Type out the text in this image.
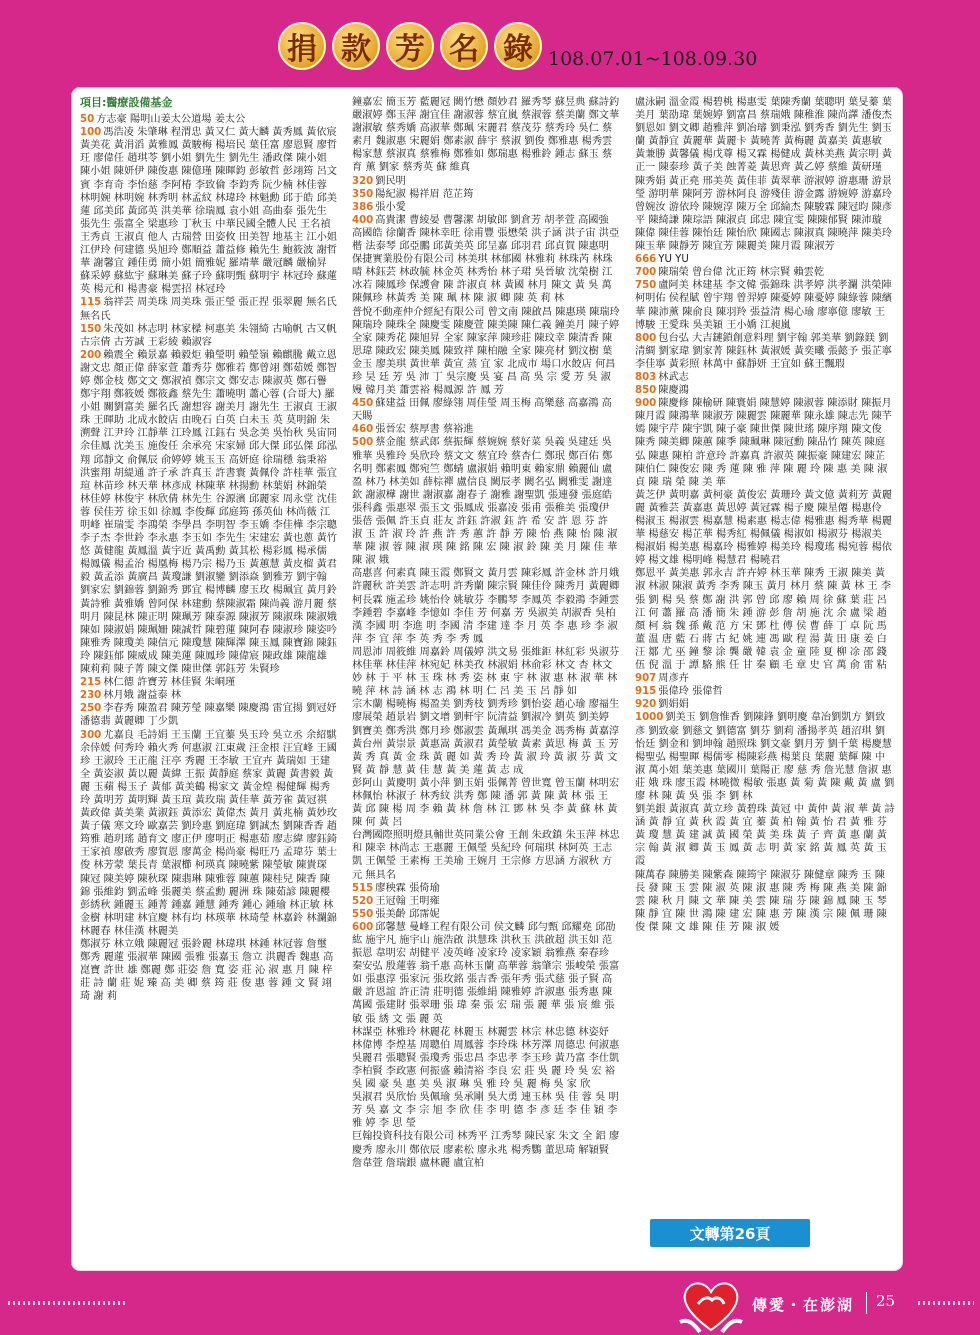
捐 款 芳 名 錄 108.07.01~108.09.30
項目:醫療設備基金
50 方志豪 陽明山姜太公道場 姜太公
100 馮浩凌 朱肇琳 程渭忠 黃又仁 黃大麟 黃秀鳳 黃依宸 黃美花 黃涓滔 黃雅鳳 黃駿梅 楊培民 葉任富 廖恩賢 廖哲玨 廖偉任 趙琪苓 劉小姐 劉先生 劉先生 潘政傑 陳小姐 陳小姐 陳妍伊 陳俊惠 陳億瑾 陳暉鈞 彭敏哲 彭翊筠 呂文賓 李育奇 李怡慈 李阿椿 李致倫 李鈞秀 阮少楠 林佳蓉 林明婉 林明婉 林秀明 林孟紋 林瑋玲 林魁勳 邱于皓 邱美蓮 邱美邱 黃邱英 洪美華 徐瑞鳳 袁小姐 高曲泰 張先生 張先生 張富全 梁惠珍 丁秋玉 中華民國全體人民 王名禎 王秀貞 王淑貞 他人 古瑞營 田姿攸 田美智 地基主 江小姐 江伊玲 何建德 吳旭玲 鄭順益 蕭益修 賴先生 鮑筱波 謝哲華 謝馨宜 鍾佳勇 簡小姐 簡雅妮 羅靖華 嚴冠麟 嚴榆昇 蘇采婷 蘇紘宇 蘇琳美 蘇子玲 蘇明甄 蘇明宇 林冠玲 蘇蓮英 楊元和 楊書豪 楊雲招 林冠玲
115 翁祥芸 周美珠 周美珠 張正瑩 張正捏 張翠麗 無名氏 無名氏
150 朱茂如 林志明 林家樑 柯惠美 朱翎綺 古喻帆 古又帆 古宗倩 古芳誠 王彩綾 賴淑容
200 賴震全 賴景嘉 賴毅炬 賴瑩明 賴瑩嶺 賴麒騰 戴立恩 謝文忠 顏正偉 薛家萱 蕭秀芬 鄭雅若 鄭曾翊 鄭茹媛 鄭智婷 鄭金枝 鄭文文 鄭淑禎 鄭宗文 鄭安志 陳淑英 鄭石譽 鄭宇翔 鄭筱媛 鄭筱鑫 蔡先生 蕭曉明 蕭心蓉 (合哥大) 羅小姐 關劉富美 羅名氏 謝想容 謝美月 謝先生 王淑貞 王淑珠 王暉助 北成水餃店 由晚石 白英 白未玉 英 莫明錦 朱溯聲 江尹玲 江靜華 江玲鳳 江鈺右 吳念美 吳怡秋 吳宙同 余佳鳳 沈美玉 施俊任 余承亮 宋家婦 邱大傑 邱弘傑 邱泓翔 邱靜文 俞佩辰 俞婷婷 姚玉玉 高妍庭 徐瑞穩 翁秉裕 洪蜜翔 胡緹通 許子承 許真玉 許書寰 黃佩伶 許桂華 張宜瑄 林苗珍 林天華 林彥成 林陳華 林揚勳 林葉娟 林錦榮 林佳婷 林俊宇 林欣倩 林先生 谷源濱 邱麗家 周永堂 沈佳蓉 侯佳芳 徐玉如 徐鳳 李俊輝 邱庭筠 孫英仙 林尚薇 江明峰 崔瑞雯 李鴻榮 李學昌 李明智 李玉嬌 李佳樺 李宗聰 李子杰 李世鈴 李永惠 李玉如 李先生 宋建宏 黃也蔥 黃竹悠 黃健龍 黃鳳溫 黃宇近 黃禹勳 黃其松 楊彩鳳 楊承儒 楊鳳儀 楊孟治 楊凰梅 楊乃宗 楊乃玉 黃蕙慧 黃皮榴 黃君毅 黃孟添 黃廣昌 黃瓊謙 劉淑鑾 劉添焱 劉雅芳 劉宇翰 劉家宏 劉錦蓉 劉錦秀 鄧宜 楊博麟 廖玉玫 楊珮宜 黃月鈴 黃詩雅 黃雅嬌 曾阿保 林建勳 蔡陳淑霜 陳尚義 游月麗 蔡明月 陳昆林 陳正明 陳珮芳 陳泰源 陳淑芳 陳淑珠 陳淑娥 陳如 陳淑娟 陳珮姍 陳誠哲 陳碧蓮 陳阿春 陳淑珍 陳姿吟 陳雅秀 陳瓊美 陳信元 陳瓊慧 陳輝澤 陳玉鳳 陳寶錦 陳鈺玲 陳鈺郁 陳威成 陳美蓮 陳鳳珍 陳偉宸 陳政雄 陳龍雄 陳莉莉 陳子菁 陳文傑 陳世傑 郭鈺芳 朱賢珍
215 林仁德 許寶芳 林佳賢 朱峒瑾
230 林月娥 謝益泰 林
250 李春秀 陳盈君 陳芳瑩 陳嘉樂 陳慶鴻 雷宜揚 劉冠妤 潘德翡 黃麗卿 丁少凱
300 尤嘉良 毛詩娟 王玉蘭 王宜蓁 吳玉玲 吳立丞 余紹騏 余倖媛 何秀玲 賴火秀 何惠淑 江東歲 汪金根 汪宜峰 王國珍 王淑玲 王正龍 汪亭 秀麗 王李敏 王宜卉 黃瑞如 王建全 黃姿淑 黃以麗 黃緯 王振 黃靜庭 蔡家 黃麗 黃書毅 黃麗 玉蘋 楊玉子 黃郁 黃美鶴 楊家文 黃金煌 楊健輝 楊秀玲 黃明芳 黃明輝 黃玉瑄 黃玫瑞 黃佳華 黃芳雀 黃冠祺 黃政偉 黃美業 黃淑鈺 黃添宏 黃偉杰 黃月 黃兆楠 黃妙玫 黃子儀 寒文玲 歐嘉芸 劉玲惠 劉庭瑋 劉誠杰 劉陳香香 趙筠雅 趙玥瑤 趙育文 廖正伊 廖明正 楊惠茹 廖志緯 廖鈺錡 王家禎 廖啟秀 廖賀恩 廖萬金 楊尚豪 楊旺乃 孟瑋芬 葉士俊 林芳蒙 葉長青 葉淑櫛 柯瑛真 陳曉紫 陳瑩敏 陳貴琛 陳冠 陳美婷 陳秋琛 陳翡琳 陳雅蓉 陳蕙 陳桂兒 陳香 陳錦 張維鈞 劉孟峰 張麗美 蔡孟勳 麗洲 珠 陳茹諺 陳麗櫻 彭綉秋 鍾麗玉 鍾菁 鍾嘉 鍾慧 鍾秀 鍾心 鍾瑜 林正敏 林金樹 林明建 林宜慶 林有均 林瑛華 林琦瑩 林嘉鈴 林瀾錦 林麗春 林佳漢 林麗美
鄭淑芬 林立娥 陳麗冠 張鈴麗 林瑋琪 林鍾 林冠蓉 詹璽 鄭秀 麗蓮 張淑華 陳國 張雅 張嘉玉 詹立 洪麗香 魏惠 高崑寶 許世 雄 鄭麗 鄭 莊姿 詹 寬 姿 莊 沁 淑 惠 月 陳 梓 莊 詩 蘭 莊 妮 臻 高 美 卿 蔡 筠 莊 俊 惠 蓉 鍾 文 賢 翊 琦 謝 莉
鐘嘉宏 簡玉芳 藍麗冠 闕竹懋 顏妙君 羅秀琴 蘇昱典 蘇詩釣 嚴淑婷 鄭玉萍 謝宜佳 謝淑蓉 蔡宜嵐 蔡淑蓉 蔡美蘭 鄭文華 謝淑敏 蔡秀嬌 高淑華 鄭珮 宋麗君 蔡茂芬 蔡秀玲 吳仁 蔡素月 魏淑惠 宋麗娟 鄭素淑 薛宇 蔡淑 劉俊 鄭雅惠 楊秀雲 楊家慧 蔡淑真 蔡雅梅 鄭雅如 鄭瑞惠 楊雅鈴 鍾志 蘇玉 蔡育 薰 劉家 蔡秀英 蘇 維真
320 劉民明
350 陽紀淑 楊祥眉 范芷筠
386 張小愛
400 高貴潔 曹綾晏 曹馨潔 胡敏郎 劉倉芳 胡孝萱 高國強 高國皓 徐蘭香 陳林幸旺 徐甫豐 張懋榮 洪子涵 洪子宙 洪亞楷 法泰琴 邱亞鵬 邱黃美英 邱呈嘉 邱羽君 邱貞賀 陳惠明 保捷實業股份有限公司 林美琪 林郁國 林雅莉 林珠芮 林珠晴 林鈺芸 林政毓 林金英 林秀怡 林子珺 吳晉敏 沈榮樹 江冰若 陳鳳珍 保護會 陳 許淑貞 林 黃國 林月 陳文 黃 吳 萬 陳佩珍 林黃秀 美 陳 珮 林 陳 淑 卿 陳 英 莉 林
普悅不動產仲介經紀有限公司 曾文南 陳啟昌 陳惠瑛 陳瑞玲 陳瑞玲 陳珠全 陳慶雯 陳慶萱 陳美陳 陳仁義 鐘美月 陳子婷 全家 陳秀花 陳旭昇 全家 陳家萍 陳珍莊 陳玟幸 陳清香 陳思瑋 陳政宏 陳美鳳 陳致祥 陳柏融 全家 陳亮材 劉汶樹 葉金玉 廖美琪 黃世華 黃宣 蒸 宜 家 北成市 場口水餃店 何昌 珍 昊 廷 芳 吳 沛 丁 吳宗慶 吳 宴 昌 高 吳 宗 愛 芳 吳 淑 嫚 韓月美 蕭雲裕 楊鳳源 許 鳳 芳
450 蘇建益 田佩 廖綠翎 周佳瑩 周玉梅 高樂慈 高嘉鴻 高天賜
460 張晉宏 蔡厚書 蔡裕進
500 蔡金龍 蔡武郎 蔡振輝 蔡婉婉 蔡好菜 吳義 吳建廷 吳雅華 吳雅玲 吳欣玲 蔡文文 蔡宜玲 蔡杏仁 鄭珉 鄭百佑 鄭名明 鄭素鳳 鄭宛竺 鄭蜻 盧淑娟 賴明東 賴家鼎 賴麗仙 盧盈 林乃 林美如 薛棕禪 盧信良 闕辰孝 闕名弘 闕雅雯 謝達欽 謝淑樺 謝世 謝淑嘉 謝春子 謝雅 謝聖凱 張連發 張庭皓 張科鑫 張惠翠 張玉文 張鳳成 張嘉凌 張甫 張稚美 張瓊伊 張蓓 張佩 許玉貞 莊友 許鈺 許淑 鈺 許 希 安 許 恩 芬 許 淑 玉 許 淑 玲 許 燕 許 秀 蕙 許 靜 芳 陳 怡 燕 陳 怡 陳 淑 華 陳 淑 蓉 陳 淑 瑛 陳 銘 陳 宏 陳 淑 鈴 陳 美 月 陳 佳 華 陳 淑 娥
高惠喜 何素真 陳玉霞 鄭賢文 黃月雲 陳彩鳳 許金林 許月娥 許麗秋 許美雲 許志明 許秀蘭 陳宗賢 陳佳伶 陳秀月 黃麗卿 柯長霖 施孟珍 姚怡伶 姚敏芬 李鵬琴 李鳳英 李毅鴻 李鍾雲 李鍾碧 李嘉峰 李憶如 李佳 芳 何嘉 芳 吳淑美 胡淑香 吳柏 漢 李國 明 李進 明 李國 清 李建 達 李 月 英 李 惠 珍 李 淑 萍 李 宜 萍 李 英 秀 李 秀 鳳
周恩沛 周筱維 周嘉鈴 周儀婷 洪文易 張維鉅 林紅彩 吳淑芬 林佳華 林佳萍 林宛妃 林美孜 林淑娟 林俞彩 林文 杏 林文 妙 林 于 平 林 玉 珠 林 秀 姿 林 東 宇 林 淑 惠 林 淑 華 林 曉 萍 林 詩 涵 林 志 鴻 林 明 仁 呂 美 玉 呂 靜 如
宗木蘭 楊曉梅 楊盈美 劉秀枝 劉秀珍 劉怡姿 趙心瑜 廖福生 廖展榮 趙景岩 劉文增 劉軒宇 阮清益 劉淑冷 劉英 劉美婷 劉寶美 鄭秀洪 鄭月珍 鄭淑雲 黃珮琪 馮美金 馮秀梅 黃嘉淳 黃台州 黃崇景 黃惠嵩 黃淑君 黃瑩敏 黃素 黃思 梅 黃 玉 芳 黃 秀 真 黃 金 珠 黃 麗 如 黃 秀 玲 黃 淑 玲 黃 淑 芬 黃 文 賢 黃 靜 慧 黃 佳 慧 黃 美 蓮 黃 志 成
彭阿山 黃慶明 黃小萍 劉玉娟 張佩菁 曾世寬 曾玉蘭 林明宏 林佩怡 林淑子 林秀紋 洪秀 鄭 陳 潘 郭 黃 陳 黃 林 張 王 黃 邱 陳 楊 周 李 賴 黃 林 詹 林 江 鄧 林 吳 李 黃 蘇 林 黃 陳 何 黃 呂
台灣國際照明燈具輔世英同業公會 王創 朱政鎮 朱玉萍 林忠和 陳幸 林尚志 王惠麗 王佩瑩 吳紀玲 何瑞琪 林阿英 王志凱 王佩瑩 王素梅 王美瑜 王婉月 王宗修 方思涵 方淑秋 方元 無具名
515 廖秧霖 張倚瑜
520 王冠翰 王明雍
550 張美齡 邱霈妮
600 邱馨慧 曼峰工程有限公司 侯文麟 邱勻甄 邱耀堯 邱劭紘 施宇凡 施宇山 施浩啟 洪慧珠 洪秋玉 洪啟超 洪玉如 范振恩 韋明宏 胡健平 凌英峰 凌家玲 凌家穎 翁雅燕 秦春珍 秦安弘 殷蓮蓉 翁千惠 高林玉蘭 高華蓉 翁肇宗 張峻榮 張富如 張惠淳 張家沅 張玫銘 張吉香 張年秀 張式慈 張子賢 高嚴 許恩誼 許正清 莊明德 張維絹 陳雅婷 許淑惠 張秀惠 陳 萬國 張建財 張翠珊 張 瑋 秦 張 宏 瑞 張 麗 華 張 宸 維 張 敏 張 綉 文 張 麗 英
林謀亞 林雅玲 林麗花 林麗玉 林麗雲 林宗 林忠德 林姿妤 林偉博 李煌基 周聰伯 周鳳蓉 李玲珠 林芳澤 周德忠 何淑惠 吳麗君 張聰賢 張瓊秀 張忠昌 李忠孝 李玉珍 黃乃富 李仕凱 李柏賢 李政憲 何振盛 賴清裕 李良 宏 莊 吳 麗 玲 吳 宏 裕 吳 國 豪 吳 惠 美 吳 淑 琳 吳 雅 玲 吳 麗 梅 吳 家 欣
吳淑君 吳欣怡 吳佩瑜 吳承剛 吳大勇 連玉林 吳 佳 蓉 吳 明 芳 吳 嘉 文 李 宗 旭 李 欣 佳 李 明 德 李 彥 廷 李 佳 穎 李 雅 婷 李 思 瑩
巨翰投資科技有限公司 林秀平 江秀琴 陳民家 朱文 全 鋁 廖慶秀 廖永川 鄭依辰 廖素松 廖永兆 楊秀鸚 董思琦 解穎賢 詹韋萱 詹瑞銀 盧林麗 盧宜柏
盧泳嗣 溫金霞 楊碧桃 楊惠雯 葉陳秀蘭 葉聰明 葉旻蓁 葉美月 葉劭瑋 葉婉婷 劉富昌 蔡瑞娥 陳稚淮 陳尚譯 潘俊杰 劉恩如 劉文卿 趙雅萍 劉冶璿 劉秉泓 劉秀香 劉先生 劉玉蘭 黃靜宜 黃麗華 黃麗卡 黃曉菁 黃梅麗 黃嘉美 黃惠敏 黃兼勝 黃馨儀 楊戊尊 楊又霖 楊健成 黃林美燕 黃宗明 黃正一 陳泰珍 黃子美 蝕菁菱 黃思齊 黃乙婷 蔡維 黃研瑾 陳秀娟 黃正堯 邢美英 黃佳菲 黃翠華 游淑婷 游惠珊 游景瑩 游明華 陳阿芳 游林阿良 游殘佳 游金露 游婉婷 游嘉玲 曾婉汝 游依玲 陳婉淳 陳万全 邱綸杰 陳駿霖 陳冠昀 陳彥平 陳綺謙 陳琮語 陳淑貞 邱忠 陳宜雯 陳陳郁賢 陳沛璇 陳偉 陳佳蓉 陳怡廷 陳怡欣 陳國志 陳淑真 陳曉萍 陳美玲 陳玉華 陳靜芳 陳宜芳 陳麗美 陳月霞 陳淑芳
666 YU YU
700 陳瑞榮 曾台偉 沈正筠 林宗賢 賴雲乾
750 盧阿美 林建基 李文韓 張錦珠 洪孝婷 洪孝瀾 洪榮陣 柯明佑 侯程賦 曾宇翔 曾羿婷 陳憂婷 陳憂婷 陳綠蓉 陳繽華 陳沛薰 陳俞良 陳羽羚 張益清 楊心瑜 廖寧億 廖敏 王博駿 王愛珠 吳美穎 王小嬌 江昶嵐
800 包台弘 大吉鏈鎖創意料理 劉宇翰 郭美華 劉錄鎂 劉清綢 劉家瑋 劉家菁 陳鈺林 黃淑媛 黃奕曦 張懿予 張芷寧 李佳寧 黃彩照 林萬中 蘇靜妍 王宜如 蘇王飄瑕
803 林武志
850 陳慶鴻
900 陳慶修 陳榆研 陳寰娟 陳慧婷 陳淑蓉 陳添財 陳振月 陳月霞 陳鴻華 陳淑芳 陳麗雲 陳麗華 陳永雄 陳志先 陳芊嫣 陳宇芹 陳宇凱 陳子豪 陳世傑 陳世瑤 陳序翔 陳文俊 陳秀 陳美卿 陳蕙 陳季 陳珮琳 陳冠勳 陳品竹 陳英 陳庭弘 陳惠 陳柏 許意玲 許嘉真 許淑英 陳振豪 陳建宏 陳芷 陳伯仁 陳俊宏 陳 秀 蓮 陳 雅 萍 陳 麗 玲 陳 惠 美 陳 淑 貞 陳 瑞 榮 陳 美 華
黃芝伊 黃明嘉 黃柯豪 黃俊宏 黃珊玲 黃文億 黃莉芳 黃麗麗 黃雅芸 黃嘉惠 黃思婷 黃冠霖 楊子慶 陳星僊 楊惠伶 楊淑玉 楊淑雲 楊嘉慧 楊素惠 楊志偉 楊雅惠 楊秀華 楊麗華 楊慈安 楊芷華 楊秀紅 楊佩儀 楊淑如 楊淑芬 楊淑美 楊淑娟 楊美惠 楊嘉玲 楊雅婷 楊美玲 楊瓊瑤 楊宛蓉 楊依婷 楊文雄 楊明峰 楊慧君 楊曉君
鄭恩平 黃美惠 郭永吉 許卉婷 林玉華 陳秀 王淑 陳美 黃淑 林淑 陳淑 黃秀 李秀 陳玉 黃月 林月 蔡 陳 黃 林 王 李 張 劉 楊 吳 蔡 鄭 謝 洪 郭 曾 邱 廖 賴 周 徐 蘇 葉 莊 呂 江 何 蕭 羅 高 潘 簡 朱 鍾 游 彭 詹 胡 施 沈 余 盧 梁 趙 顏 柯 翁 魏 孫 戴 范 方 宋 鄧 杜 傅 侯 曹 薛 丁 卓 阮 馬 董 温 唐 藍 石 蔣 古 紀 姚 連 馮 歐 程 湯 黃 田 康 姜 白 汪 鄒 尤 巫 鐘 黎 涂 龔 嚴 韓 袁 金 童 陸 夏 柳 凃 邵 錢 伍 倪 溫 于 譚 駱 熊 任 甘 秦 顧 毛 章 史 官 萬 俞 雷 粘
907 周彥卉
915 張偉玲 張偉哲
920 劉娟娟
1000 劉美玉 劉詹惟香 劉陳鋒 劉明慶 韋冶劉凱方 劉致彥 劉致豪 劉慈文 劉德富 劉芬 劉莉 潘揚孝英 趙沼琪 劉怡廷 劉金和 劉坤翰 趙照珠 劉文豪 劉月芳 劉千葉 楊慶慧 楊聖弘 楊聖暉 楊儒零 楊陳彩燕 楊葉良 葉麗 葉輝 陳 中淑 萬小姐 葉美惠 葉國川 葉陽正 廖 慈 秀 詹光慧 詹淑 惠 莊 娥 珠 廖玉霞 林曉微 楊敏 張惠 黃 菊 黃 陳 戴 黃 盧 劉 廖 林 陳 黃 吳 張 李 劉 林
劉美銀 黃淑真 黃立珍 黃碧珠 黃冠 中 黃仲 黃 淑 華 黃 詩 涵 黃 靜 宜 黃 秋 霞 黃 宜 蓁 黃 柏 翰 黃 怡 君 黃 雅 芬 黃 瓊 慧 黃 建 誠 黃 國 榮 黃 美 珠 黃 子 齊 黃 惠 蘭 黃 宗 翰 黃 淑 卿 黃 玉 鳳 黃 志 明 黃 家 銘 黃 鳳 英 黃 玉 霞
陳萬春 陳勝美 陳紫森 陳筠宇 陳淑芬 陳健章 陳秀 玉 陳 長 發 陳 玉 雲 陳 淑 英 陳 淑 惠 陳 秀 梅 陳 燕 美 陳 錦 雲 陳 秋 月 陳 文 華 陳 美 雲 陳 瑞 芬 陳 錦 鳳 陳 玉 琴 陳 靜 宜 陳 世 鴻 陳 建 宏 陳 惠 芳 陳 漢 宗 陳 佩 珊 陳 俊 傑 陳 文 雄 陳 佳 芳 陳 淑 媛
文轉第26頁
傳愛・在澎湖 25
